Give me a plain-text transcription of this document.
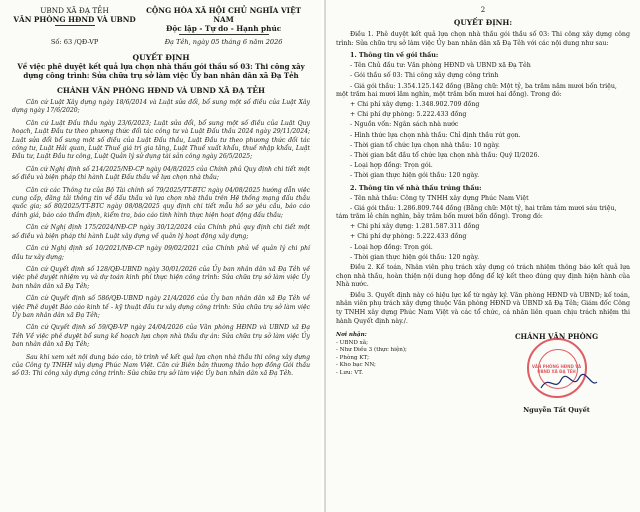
UBND XÃ ĐẠ TẺH
VĂN PHÒNG HĐND VÀ UBND
CỘNG HÒA XÃ HỘI CHỦ NGHĨA VIỆT NAM
Độc lập - Tự do - Hạnh phúc
Số: 63 /QĐ-VP	Đạ Tẻh, ngày 05 tháng 6 năm 2026
QUYẾT ĐỊNH
Về việc phê duyệt kết quả lựa chọn nhà thầu gói thầu số 03: Thi công xây dựng công trình: Sửa chữa trụ sở làm việc Ủy ban nhân dân xã Đạ Tẻh
CHÁNH VĂN PHÒNG HĐND VÀ UBND XÃ ĐẠ TẺH

Căn cứ Luật Xây dựng ngày 18/6/2014 và Luật sửa đổi, bổ sung một số điều của Luật Xây dựng ngày 17/6/2020;

Căn cứ Luật Đấu thầu ngày 23/6/2023; Luật sửa đổi, bổ sung một số điều của Luật Quy hoạch, Luật Đầu tư theo phương thức đối tác công tư và Luật Đấu thầu 2024 ngày 29/11/2024; Luật sửa đổi bổ sung một số điều của Luật Đấu thầu, Luật Đầu tư theo phương thức đối tác công tư, Luật Hải quan, Luật Thuế giá trị gia tăng, Luật Thuế xuất khẩu, thuế nhập khẩu, Luật Đầu tư, Luật Đầu tư công, Luật Quản lý sử dụng tài sản công ngày 26/5/2025;

Căn cứ Nghị định số 214/2025/NĐ-CP ngày 04/8/2025 của Chính phủ Quy định chi tiết một số điều và biện pháp thi hành Luật Đấu thầu về lựa chọn nhà thầu;

Căn cứ các Thông tư của Bộ Tài chính số 79/2025/TT-BTC ngày 04/08/2025 hướng dẫn việc cung cấp, đăng tải thông tin về đấu thầu và lựa chọn nhà thầu trên Hệ thống mạng đấu thầu quốc gia; số 80/2025/TT-BTC ngày 08/08/2025 quy định chi tiết mẫu hồ sơ yêu cầu, báo cáo đánh giá, báo cáo thẩm định, kiểm tra, báo cáo tình hình thực hiện hoạt động đấu thầu;

Căn cứ Nghị định 175/2024/NĐ-CP ngày 30/12/2024 của Chính phủ quy định chi tiết một số điều và biện pháp thi hành Luật xây dựng về quản lý hoạt động xây dựng;

Căn cứ Nghị định số 10/2021/NĐ-CP ngày 09/02/2021 của Chính phủ về quản lý chi phí đầu tư xây dựng;

Căn cứ Quyết định số 128/QĐ-UBND ngày 30/01/2026 của Ủy ban nhân dân xã Đạ Tẻh về việc phê duyệt nhiệm vụ và dự toán kinh phí thực hiện công trình: Sửa chữa trụ sở làm việc Ủy ban nhân dân xã Đạ Tẻh;

Căn cứ Quyết định số 586/QĐ-UBND ngày 21/4/2026 của Ủy ban nhân dân xã Đạ Tẻh về việc Phê duyệt Báo cáo kinh tế - kỹ thuật đầu tư xây dựng công trình: Sửa chữa trụ sở làm việc Ủy ban nhân dân xã Đạ Tẻh;

Căn cứ Quyết định số 59/QĐ-VP ngày 24/04/2026 của Văn phòng HĐND và UBND xã Đạ Tẻh Về việc phê duyệt bổ sung kế hoạch lựa chọn nhà thầu dự án: Sửa chữa trụ sở làm việc Ủy ban nhân dân xã Đạ Tẻh;

Sau khi xem xét nội dung báo cáo, tờ trình về kết quả lựa chọn nhà thầu thi công xây dựng của Công ty TNHH xây dựng Phúc Nam Việt. Căn cứ Biên bản thương thảo hợp đồng Gói thầu số 03: Thi công xây dựng công trình: Sửa chữa trụ sở làm việc Ủy ban nhân dân xã Đạ Tẻh.

2
QUYẾT ĐỊNH:

Điều 1. Phê duyệt kết quả lựa chọn nhà thầu gói thầu số 03: Thi công xây dựng công trình: Sửa chữa trụ sở làm việc Ủy ban nhân dân xã Đạ Tẻh với các nội dung như sau:

1. Thông tin về gói thầu:

- Tên Chủ đầu tư: Văn phòng HĐND và UBND xã Đạ Tẻh

- Gói thầu số 03: Thi công xây dựng công trình

- Giá gói thầu: 1.354.125.142 đồng (Bằng chữ: Một tỷ, ba trăm năm mươi bốn triệu, một trăm hai mươi lăm nghìn, một trăm bốn mươi hai đồng). Trong đó:

+ Chi phí xây dựng: 1.348.902.709 đồng

+ Chi phí dự phòng: 5.222.433 đồng

- Nguồn vốn: Ngân sách nhà nước

- Hình thức lựa chọn nhà thầu: Chỉ định thầu rút gọn.

- Thời gian tổ chức lựa chọn nhà thầu: 10 ngày.

- Thời gian bắt đầu tổ chức lựa chọn nhà thầu: Quý II/2026.

- Loại hợp đồng: Trọn gói.

- Thời gian thực hiện gói thầu: 120 ngày.

2. Thông tin về nhà thầu trúng thầu:

- Tên nhà thầu: Công ty TNHH xây dựng Phúc Nam Việt

- Giá gói thầu: 1.286.809.744 đồng (Bằng chữ: Một tỷ, hai trăm tám mươi sáu triệu, tám trăm lẻ chín nghìn, bảy trăm bốn mươi bốn đồng). Trong đó:

+ Chi phí xây dựng: 1.281.587.311 đồng

+ Chi phí dự phòng: 5.222.433 đồng

- Loại hợp đồng: Trọn gói.

- Thời gian thực hiện gói thầu: 120 ngày.

Điều 2. Kế toán, Nhân viên phụ trách xây dựng có trách nhiệm thông báo kết quả lựa chọn nhà thầu, hoàn thiện nội dung hợp đồng để ký kết theo đúng quy định hiện hành của Nhà nước.

Điều 3. Quyết định này có hiệu lực kể từ ngày ký. Văn phòng HĐND và UBND; kế toán, nhân viên phụ trách xây dựng thuộc Văn phòng HĐND và UBND xã Đạ Tẻh; Giám đốc Công ty TNHH xây dựng Phúc Nam Việt và các tổ chức, cá nhân liên quan chịu trách nhiệm thi hành Quyết định này./.

Nơi nhận:
- UBND xã;
- Như Điều 3 (thực hiện);
- Phòng KT;
- Kho bạc NN;
- Lưu: VT.
CHÁNH VĂN PHÒNG
VĂN PHÒNG HĐND VÀ UBND XÃ ĐẠ TẺH
Nguyễn Tất Quyết
